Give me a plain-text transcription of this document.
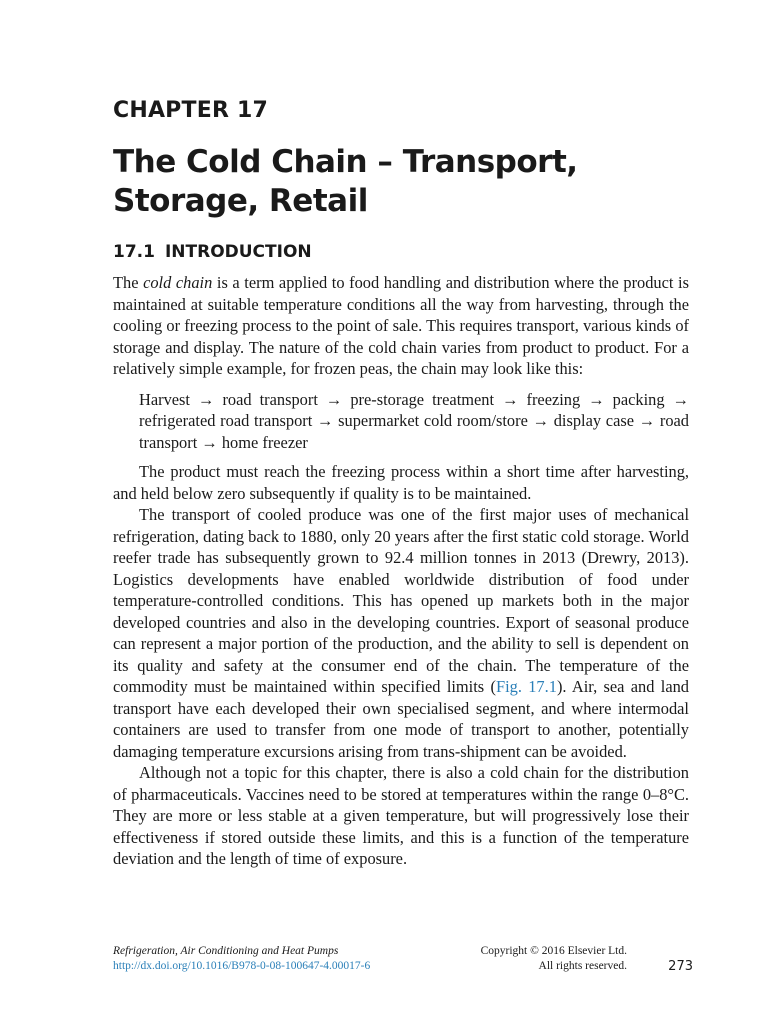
CHAPTER 17
The Cold Chain – Transport,
Storage, Retail
17.1 INTRODUCTION

The cold chain is a term applied to food handling and distribution where the product is maintained at suitable temperature conditions all the way from harvesting, through the cooling or freezing process to the point of sale. This requires transport, various kinds of storage and display. The nature of the cold chain varies from product to product. For a relatively simple example, for frozen peas, the chain may look like this:

Harvest → road transport → pre-storage treatment → freezing → packing → refrigerated road transport → supermarket cold room/store → display case → road transport → home freezer

The product must reach the freezing process within a short time after harvesting, and held below zero subsequently if quality is to be maintained.

The transport of cooled produce was one of the first major uses of mechanical refrigeration, dating back to 1880, only 20 years after the first static cold storage. World reefer trade has subsequently grown to 92.4 million tonnes in 2013 (Drewry, 2013). Logistics developments have enabled worldwide distribution of food under temperature-controlled conditions. This has opened up markets both in the major developed countries and also in the developing countries. Export of seasonal produce can represent a major portion of the production, and the ability to sell is dependent on its quality and safety at the consumer end of the chain. The temperature of the commodity must be maintained within specified limits (Fig. 17.1). Air, sea and land transport have each developed their own specialised segment, and where intermodal containers are used to transfer from one mode of transport to another, potentially damaging temperature excursions arising from trans-shipment can be avoided.

Although not a topic for this chapter, there is also a cold chain for the distribution of pharmaceuticals. Vaccines need to be stored at temperatures within the range 0–8°C. They are more or less stable at a given temperature, but will progressively lose their effectiveness if stored outside these limits, and this is a function of the temperature deviation and the length of time of exposure.

Refrigeration, Air Conditioning and Heat Pumps
http://dx.doi.org/10.1016/B978-0-08-100647-4.00017-6
Copyright © 2016 Elsevier Ltd.
All rights reserved.	273
